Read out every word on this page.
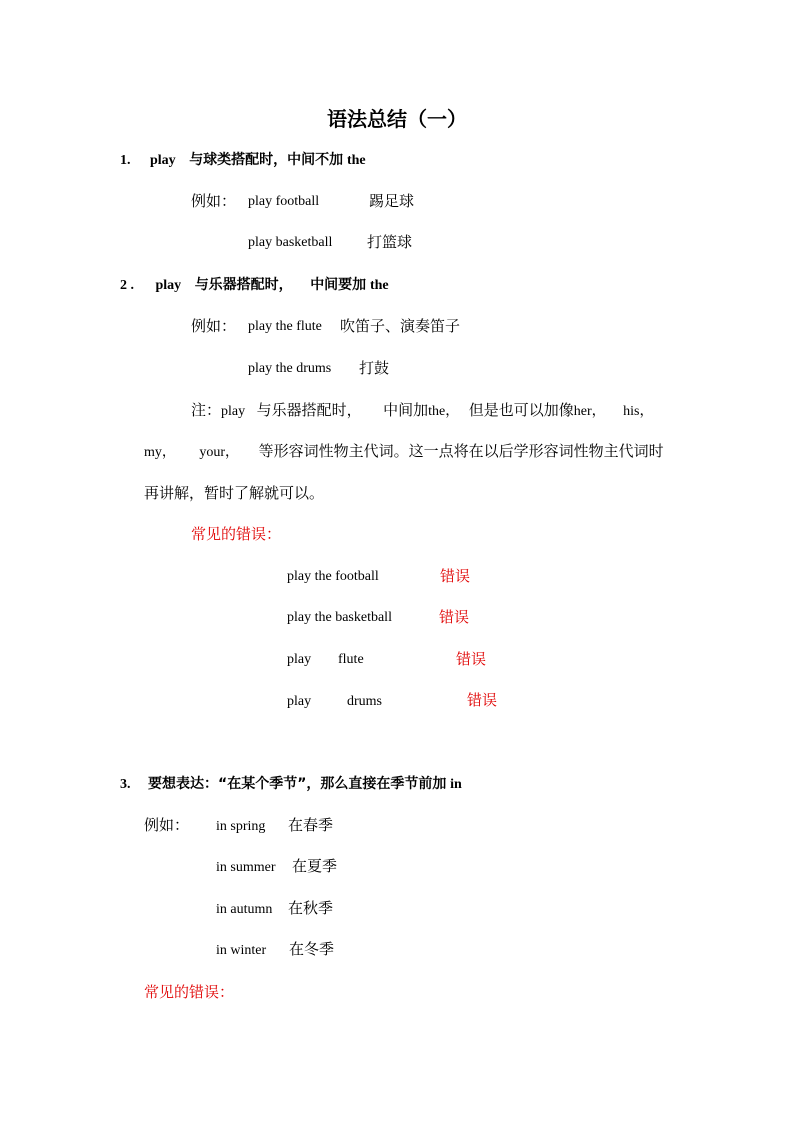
语法总结（一）
1. play 与球类搭配时，中间不加 the
例如： play football	踢足球
play basketball 打篮球
2 . play 与乐器搭配时， 中间要加 the
例如： play the flute 吹笛子、演奏笛子
play the drums 打鼓
注：play 与乐器搭配时， 中间加the， 但是也可以加像her， his，
my， your， 等形容词性物主代词。这一点将在以后学形容词性物主代词时
再讲解，暂时了解就可以。
常见的错误：
play the football	错误
play the basketball	错误
play flute	错误
play	drums	错误
3. 要想表达：“在某个季节”，那么直接在季节前加 in
例如： in spring 在春季
in summer 在夏季
in autumn 在秋季
in winter 在冬季
常见的错误：
